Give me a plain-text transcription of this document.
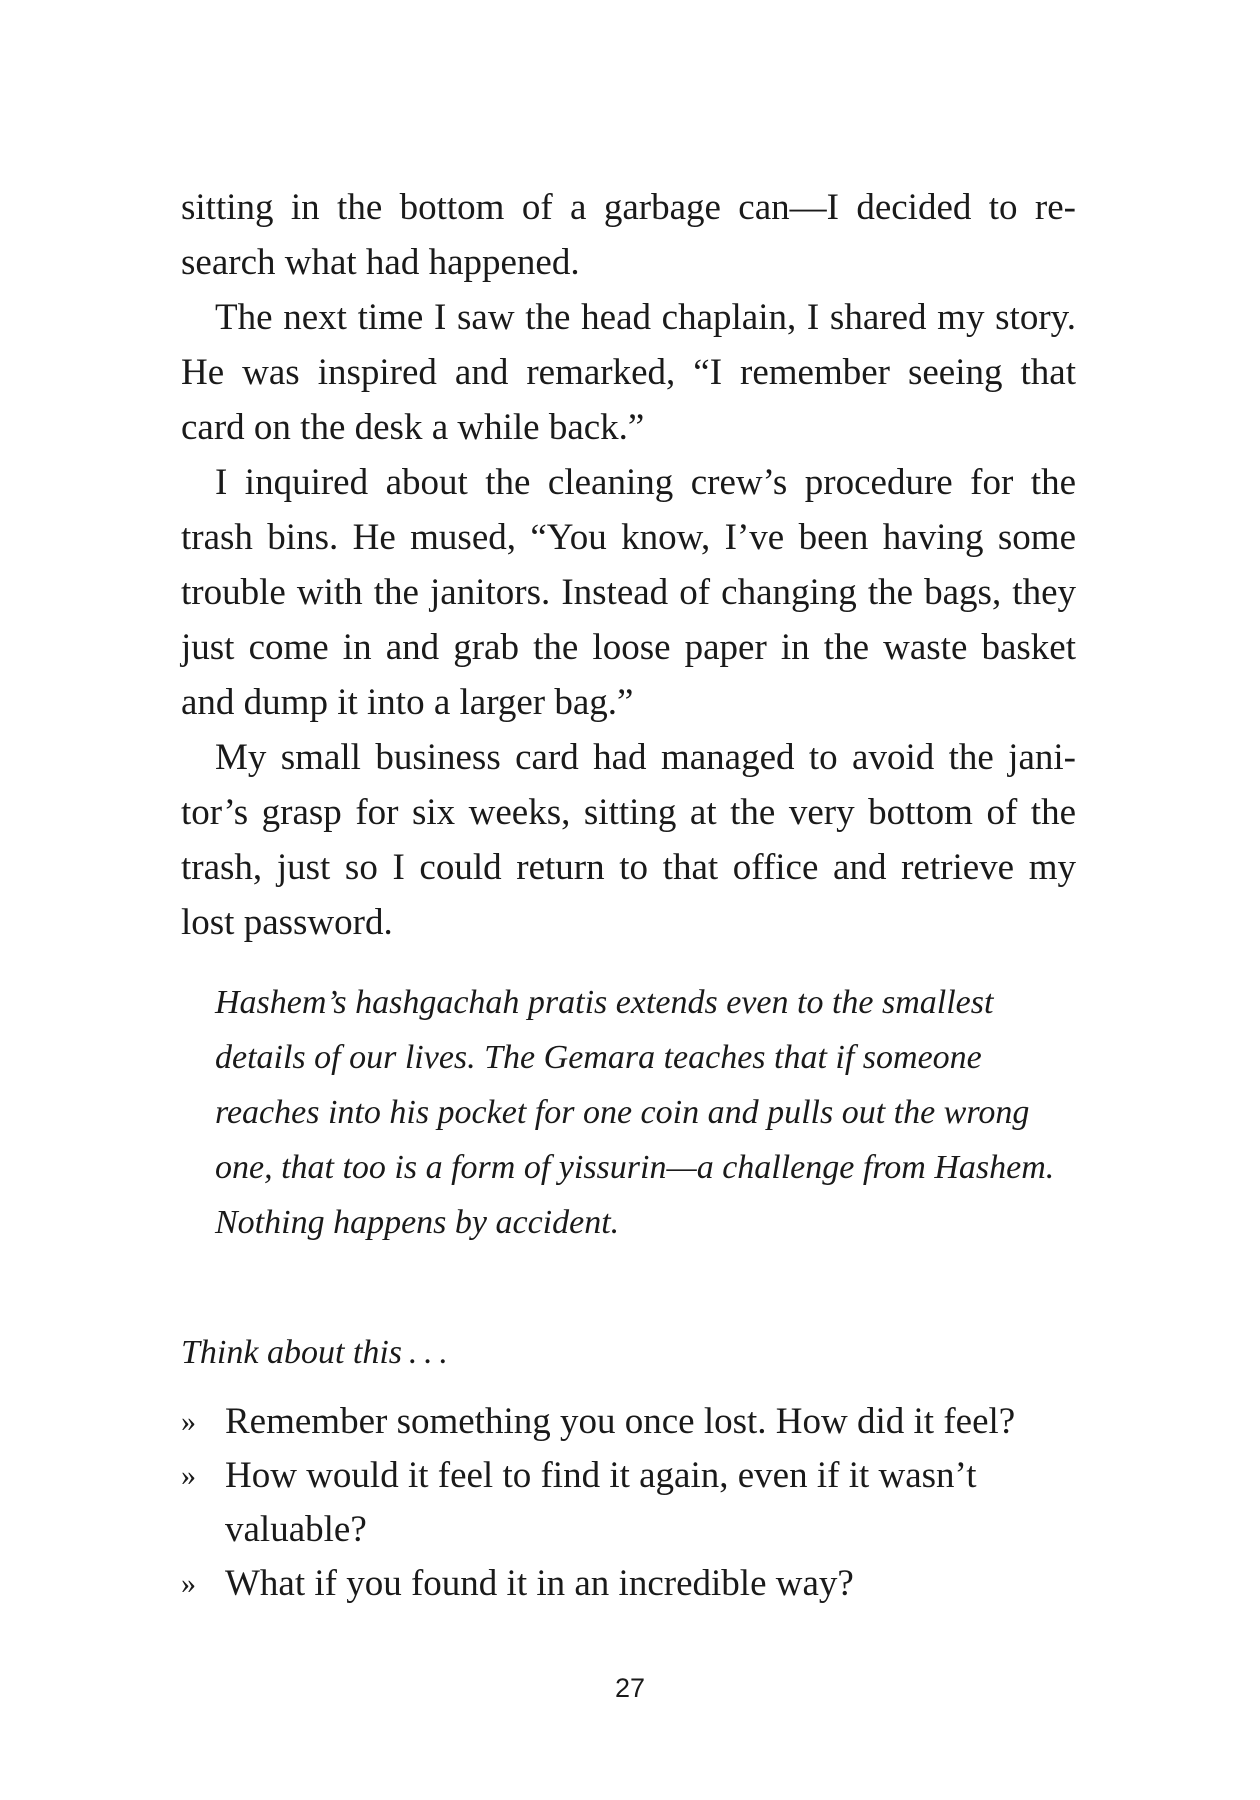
sitting in the bottom of a garbage can—I decided to research what had happened.

The next time I saw the head chaplain, I shared my story. He was inspired and remarked, “I remember seeing that card on the desk a while back.”

I inquired about the cleaning crew’s procedure for the trash bins. He mused, “You know, I’ve been having some trouble with the janitors. Instead of changing the bags, they just come in and grab the loose paper in the waste basket and dump it into a larger bag.”

My small business card had managed to avoid the janitor’s grasp for six weeks, sitting at the very bottom of the trash, just so I could return to that office and retrieve my lost password.

Hashem’s hashgachah pratis extends even to the smallest details of our lives. The Gemara teaches that if someone reaches into his pocket for one coin and pulls out the wrong one, that too is a form of yissurin—a challenge from Hashem. Nothing happens by accident.

Think about this . . .
» Remember something you once lost. How did it feel?
» How would it feel to find it again, even if it wasn’t valuable?
» What if you found it in an incredible way?
27
